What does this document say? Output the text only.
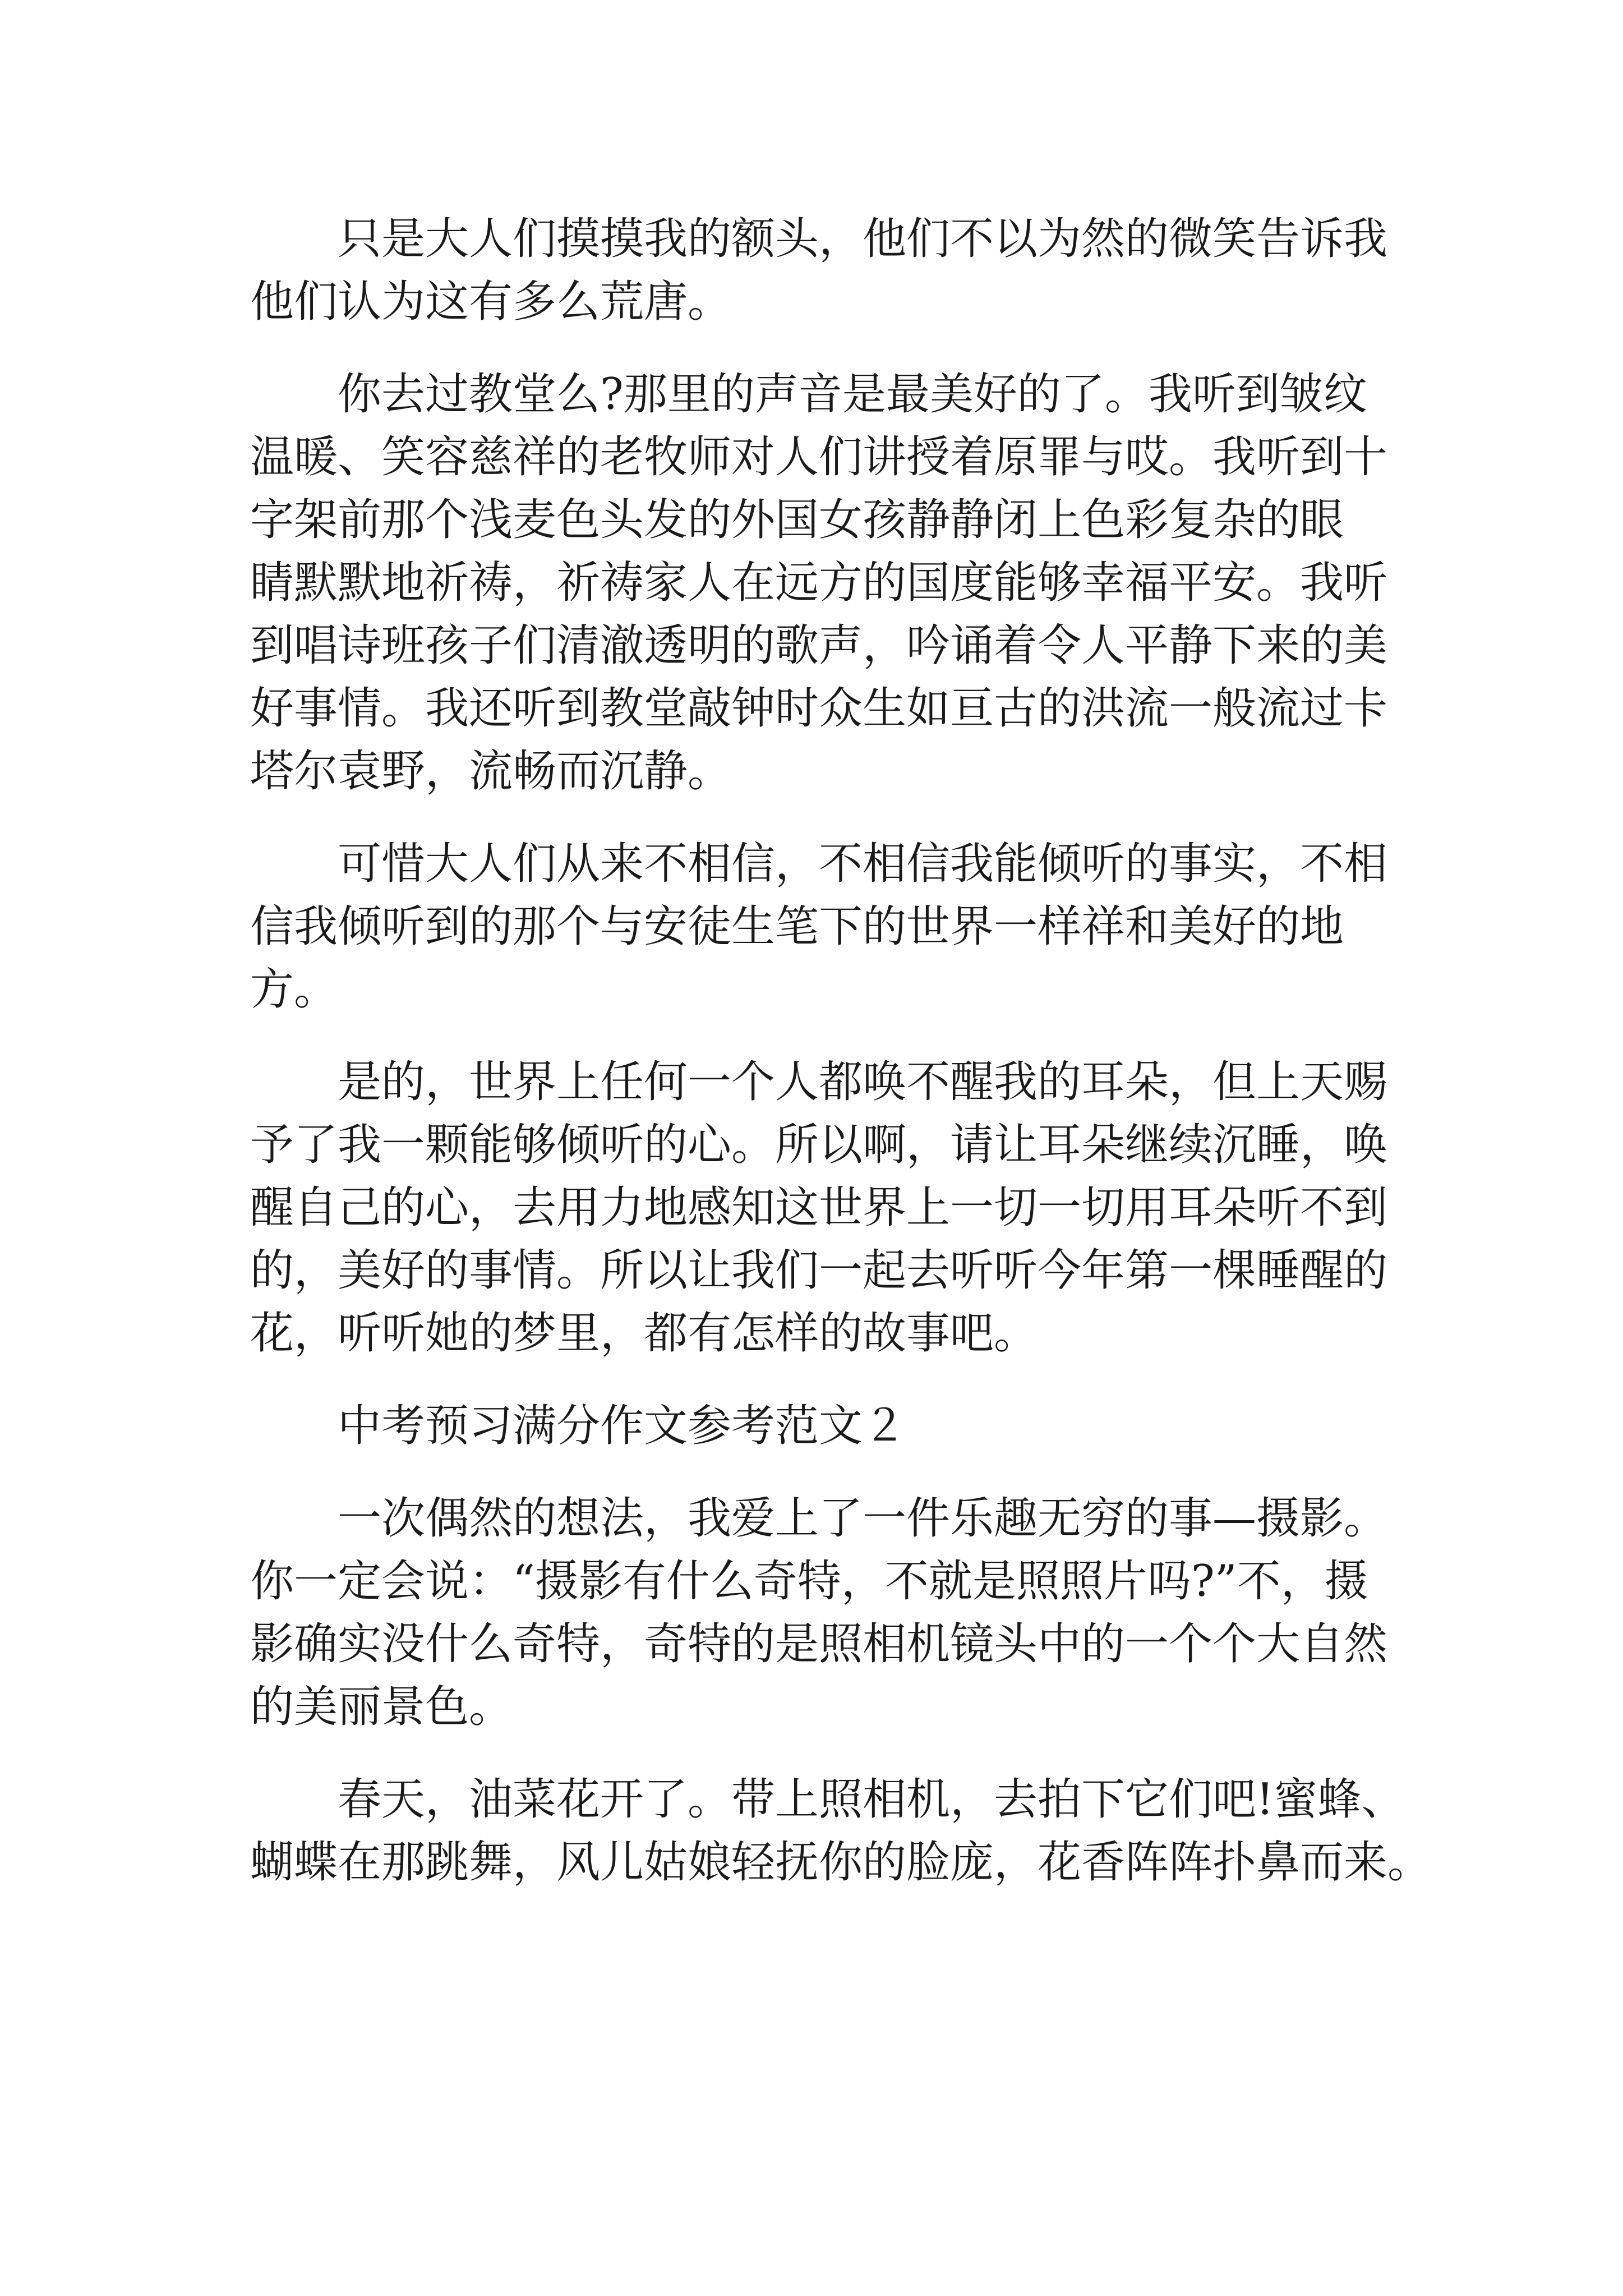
只是大人们摸摸我的额头，他们不以为然的微笑告诉我
他们认为这有多么荒唐。
你去过教堂么?那里的声音是最美好的了。我听到皱纹
温暖、笑容慈祥的老牧师对人们讲授着原罪与哎。我听到十
字架前那个浅麦色头发的外国女孩静静闭上色彩复杂的眼
睛默默地祈祷，祈祷家人在远方的国度能够幸福平安。我听
到唱诗班孩子们清澈透明的歌声，吟诵着令人平静下来的美
好事情。我还听到教堂敲钟时众生如亘古的洪流一般流过卡
塔尔袁野，流畅而沉静。
可惜大人们从来不相信，不相信我能倾听的事实，不相
信我倾听到的那个与安徒生笔下的世界一样祥和美好的地
方。
是的，世界上任何一个人都唤不醒我的耳朵，但上天赐
予了我一颗能够倾听的心。所以啊，请让耳朵继续沉睡，唤
醒自己的心，去用力地感知这世界上一切一切用耳朵听不到
的，美好的事情。所以让我们一起去听听今年第一棵睡醒的
花，听听她的梦里，都有怎样的故事吧。
中考预习满分作文参考范文２
一次偶然的想法，我爱上了一件乐趣无穷的事—摄影。
你一定会说：“摄影有什么奇特，不就是照照片吗?”不，摄
影确实没什么奇特，奇特的是照相机镜头中的一个个大自然
的美丽景色。
春天，油菜花开了。带上照相机，去拍下它们吧!蜜蜂、
蝴蝶在那跳舞，风儿姑娘轻抚你的脸庞，花香阵阵扑鼻而来。
